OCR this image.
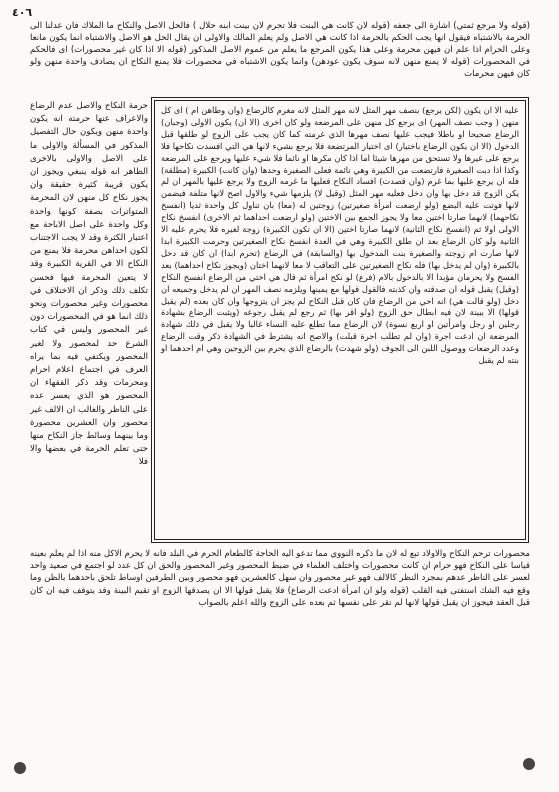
٤٠٦

(قوله ولا مرجع ثمتي) اشارة الى جعفه (قوله لان كانت هي البنت فلا تحرم لان بينت ابنه حلال ) فالحل الاصل والنكاح ما الملاك فان عدلنا الى الحرمة بالاشتباه فيقول انها يجب الحكم بالحرمة اذا كانت هي الاصل ولم يعلم المالك والاولى ان يقال الحل هو الاصل والاشتباه انما يكون مانعا وعلى الحرام اذا علم ان فيهن محرمة وعلى هذا يكون المرجع ما يعلم من عموم الاصل المذكور (قوله الا اذا كان غير محصورات) اى فالحكم في المحصورات (قوله لا يمنع منهن لانه سوف يكون عودهن) وانما يكون الاشتباه في محصورات فلا يمنع النكاح ان يصادف واحدة منهن ولو كان فيهن محرمات

حرمة النكاح والاصل عدم الرضاع والاعراف عنها حرمته انه يكون واحدة منهن ويكون حال التفصيل المذكور في المسألة والاولى ما على الاصل والاولى بالاخرى الظاهر انه قوله ينبغي ويجوز ان يكون قريبة كثيرة حقيقة وان يجوز نكاح كل منهن لان المحرمة المتواترات بصفة كونها واحدة وكل واحدة على اصل الاباحة مع اعتبار الكثرة وقد لا يجب الاجتناب لكون احداهن محرمة فلا يمنع من النكاح الا في القرية الكبيرة وقد لا يتعين المحرمة فيها فحسن تكلف ذلك وذكر ان الاختلاف في محصورات وغير محصورات ونحو ذلك انما هو في المحصورات دون غير المحصور وليس في كتاب الشرع حد لمحصور ولا لغير المحصور ويكتفي فيه بما يراه العرف في اجتماع اعلام احرام ومحرمات وقد ذكر الفقهاء ان المحصور هو الذي يعسر عده على الناظر والغالب ان الالف غير محصور وان العشرين محصورة وما بينهما وسائط جاز النكاح منها حتى تعلم الحرمة في بعضها والا فلا

عليه الا ان يكون (لكن يرجع) بنصف مهر المثل لانه مهر المثل لانه مغرم كالرضاع (وان وطاهن ام ) اى كل منهن ( وجب نصف المهر) اى يرجع كل منهن على المرضعة ولو كان اخرى (الا ان) يكون الاولى (وجبان) الرضاع صحيحا او باطلا فيجب عليها نصف مهرها الذي غرمته كما كان يجب على الزوج لو طلقها قبل الدخول (الا ان يكون الرضاع باختيار) اى اختيار المرتضعة فلا يرجع بشيء لانها هي التي افسدت نكاحها فلا يرجع على غيرها ولا تستحق من مهرها شيئا اما اذا كان مكرها او نائما فلا شيء عليها ويرجع على المرضعة وكذا اذا دبت الصغيرة فارتضعت من الكبيرة وهي نائمة فعلى الصغيرة وحدها (وان كانت) الكبيرة (مطلقة) فله ان يرجع عليها بما غرم (وان قصدت) افساد النكاح فعليها ما غرمه الزوج ولا يرجع عليها بالمهر ان لم يكن الزوج قد دخل بها وان دخل فعليه مهر المثل (وقيل لا) يلزمها شيء والاول اصح لانها متلفة فيضمن لانها فوتت عليه البضع (ولو ارضعت امرأة صغيرتين) زوجتين له (معا) بان تناول كل واحدة ثديا (انفسخ نكاحهما) لانهما صارتا اختين معا ولا يجوز الجمع بين الاختين (ولو ارضعت احداهما ثم الاخرى) انفسخ نكاح الاولى اولا ثم (انفسخ نكاح الثانية) لانهما صارتا اختين (الا ان تكون الكبيرة) زوجة لغيره فلا يحرم عليه الا الثانية ولو كان الرضاع بعد ان طلق الكبيرة وهي في العدة انفسخ نكاح الصغيرتين وحرمت الكبيرة ابدا لانها صارت ام زوجته والصغيرة بنت المدخول بها (والسابقة) في الرضاع (تحرم ابدا) ان كان قد دخل بالكبيرة (وان لم يدخل بها) فله نكاح الصغيرتين على التعاقب لا معا لانهما اختان (ويجوز نكاح احداهما) بعد الفسخ ولا يحرمان مؤبدا الا بالدخول بالام (فرع) لو نكح امرأة ثم قال هي اختي من الرضاع انفسخ النكاح (وقيل) يقبل قوله ان صدقته وان كذبته فالقول قولها مع يمينها ويلزمه نصف المهر ان لم يدخل وجميعه ان دخل (ولو قالت هي) انه اخي من الرضاع فان كان قبل النكاح لم يجز ان يتزوجها وان كان بعده (لم يقبل قولها) الا ببينة لان فيه ابطال حق الزوج (ولو اقر بها) ثم رجع لم يقبل رجوعه (ويثبت الرضاع بشهادة رجلين او رجل وامرأتين او اربع نسوة) لان الرضاع مما تطلع عليه النساء غالبا ولا يقبل في ذلك شهادة المرضعة ان ادعت اجرة (وان لم تطلب اجرة قبلت) والاصح انه يشترط في الشهادة ذكر وقت الرضاع وعدد الرضعات ووصول اللبن الى الجوف (ولو شهدت) بالرضاع الذي يحرم بين الزوجين وهي ام احدهما او بنته لم يقبل

محصورات ترحم النكاح والاولاد تبع له لان ما ذكره النووي مما تدعو اليه الحاجة كالطعام الحرم في البلد فانه لا يحرم الاكل منه اذا لم يعلم بعينه قياسا على النكاح فهو حرام ان كانت محصورات واختلف العلماء في ضبط المحصور وغير المحصور والحق ان كل عدد لو اجتمع في صعيد واحد لعسر على الناظر عدهم بمجرد النظر كالالف فهو غير محصور وان سهل كالعشرين فهو محصور وبين الطرفين اوساط تلحق باحدهما بالظن وما وقع فيه الشك استفتى فيه القلب (قوله ولو ان امرأة ادعت الرضاع) فلا يقبل قولها الا ان يصدقها الزوج او تقيم البينة وقد يتوقف فيه ان كان قبل العقد فيجوز ان يقبل قولها لانها لم تقر على نفسها ثم بعده على الزوج والله اعلم بالصواب
